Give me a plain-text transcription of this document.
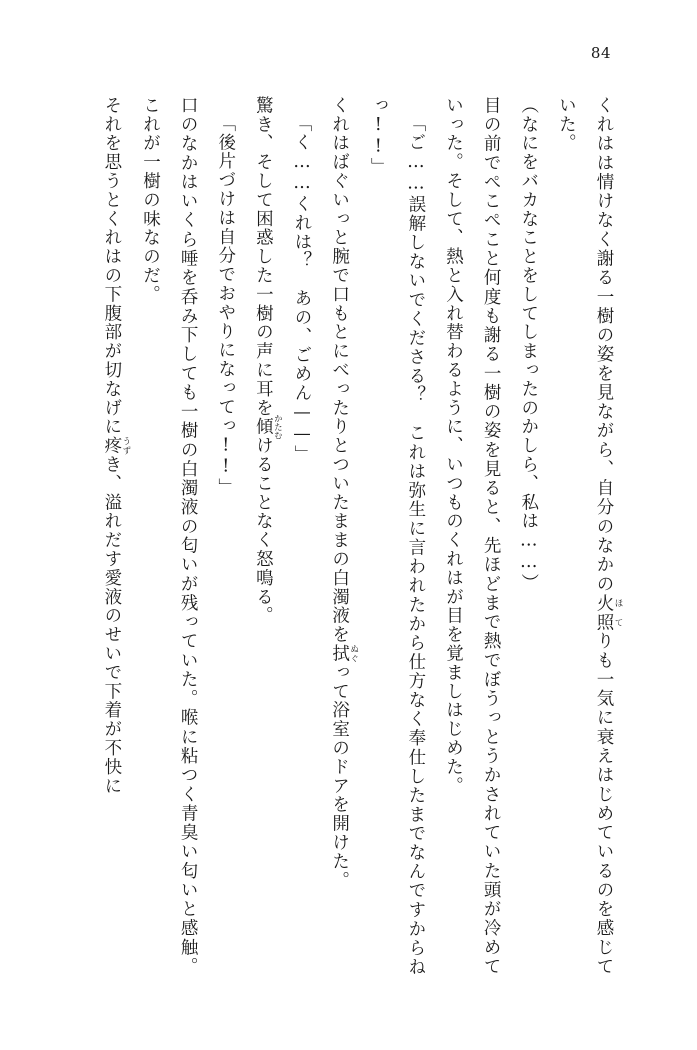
84

くれはは情けなく謝る一樹の姿を見ながら、自分のなかの火照 ほてりも一気に衰えはじめているのを感じていた。

（なにをバカなことをしてしまったのかしら、私は……）

目の前でぺこぺこと何度も謝る一樹の姿を見ると、先ほどまで熱でぼうっとうかされていた頭が冷めていった。そして、熱と入れ替わるように、いつものくれはが目を覚ましはじめた。

「ご……誤解しないでくださる？　これは弥生に言われたから仕方なく奉仕したまでなんですからねっ!!」

くれはばぐいっと腕で口もとにべったりとついたままの白濁液を拭 ぬぐって浴室のドアを開けた。

「く……くれは？　あの、ごめん——」

驚き、そして困惑した一樹の声に耳を傾 かたむけることなく怒鳴る。

「後片づけは自分でおやりになってっ!!」

口のなかはいくら唾を呑み下しても一樹の白濁液の匂いが残っていた。喉に粘つく青臭い匂いと感触。これが一樹の味なのだ。

それを思うとくれはの下腹部が切なげに疼 うずき、溢れだす愛液のせいで下着が不快に
